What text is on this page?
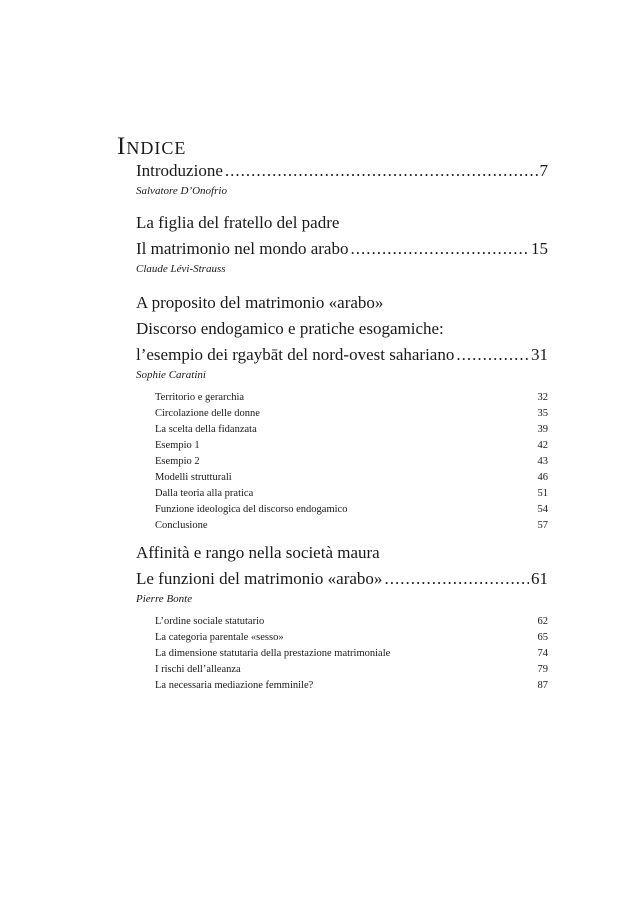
Indice
Introduzione .....	7
Salvatore D’Onofrio
La figlia del fratello del padre
Il matrimonio nel mondo arabo .....	15
Claude Lévi-Strauss
A proposito del matrimonio «arabo»
Discorso endogamico e pratiche esogamiche:
l’esempio dei rgaybāt del nord-ovest sahariano .....	31
Sophie Caratini
Territorio e gerarchia	32
Circolazione delle donne	35
La scelta della fidanzata	39
Esempio 1	42
Esempio 2	43
Modelli strutturali	46
Dalla teoria alla pratica	51
Funzione ideologica del discorso endogamico	54
Conclusione	57
Affinità e rango nella società maura
Le funzioni del matrimonio «arabo» .....	61
Pierre Bonte
L’ordine sociale statutario	62
La categoria parentale «sesso»	65
La dimensione statutaria della prestazione matrimoniale	74
I rischi dell’alleanza	79
La necessaria mediazione femminile?	87
